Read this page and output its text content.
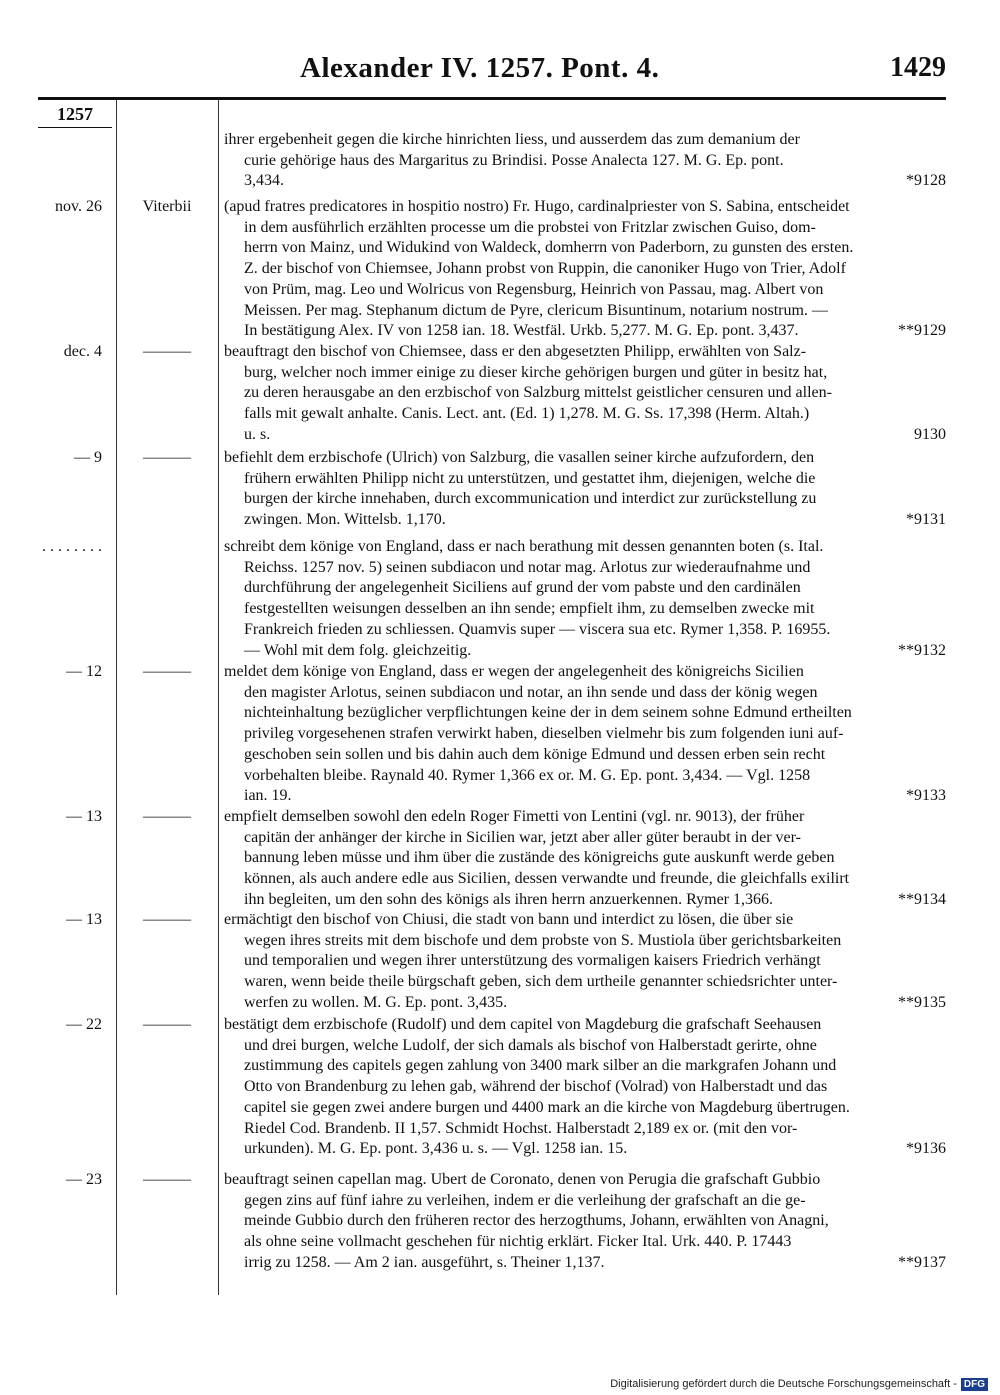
Alexander IV. 1257. Pont. 4.	1429
1257
ihrer ergebenheit gegen die kirche hinrichten liess, und ausserdem das zum demanium der
curie gehörige haus des Margaritus zu Brindisi. Posse Analecta 127. M. G. Ep. pont.
3,434.	*9128
nov. 26	Viterbii	(apud fratres predicatores in hospitio nostro) Fr. Hugo, cardinalpriester von S. Sabina, entscheidet
in dem ausführlich erzählten processe um die probstei von Fritzlar zwischen Guiso, dom-
herrn von Mainz, und Widukind von Waldeck, domherrn von Paderborn, zu gunsten des ersten.
Z. der bischof von Chiemsee, Johann probst von Ruppin, die canoniker Hugo von Trier, Adolf
von Prüm, mag. Leo und Wolricus von Regensburg, Heinrich von Passau, mag. Albert von
Meissen. Per mag. Stephanum dictum de Pyre, clericum Bisuntinum, notarium nostrum. —
In bestätigung Alex. IV von 1258 ian. 18. Westfäl. Urkb. 5,277. M. G. Ep. pont. 3,437.	**9129
dec. 4	———	beauftragt den bischof von Chiemsee, dass er den abgesetzten Philipp, erwählten von Salz-
burg, welcher noch immer einige zu dieser kirche gehörigen burgen und güter in besitz hat,
zu deren herausgabe an den erzbischof von Salzburg mittelst geistlicher censuren und allen-
falls mit gewalt anhalte. Canis. Lect. ant. (Ed. 1) 1,278. M. G. Ss. 17,398 (Herm. Altah.)
u. s.	9130
— 9	———	befiehlt dem erzbischofe (Ulrich) von Salzburg, die vasallen seiner kirche aufzufordern, den
frühern erwählten Philipp nicht zu unterstützen, und gestattet ihm, diejenigen, welche die
burgen der kirche innehaben, durch excommunication und interdict zur zurückstellung zu
zwingen. Mon. Wittelsb. 1,170.	*9131
. . . . . . . .	schreibt dem könige von England, dass er nach berathung mit dessen genannten boten (s. Ital.
Reichss. 1257 nov. 5) seinen subdiacon und notar mag. Arlotus zur wiederaufnahme und
durchführung der angelegenheit Siciliens auf grund der vom pabste und den cardinälen
festgestellten weisungen desselben an ihn sende; empfielt ihm, zu demselben zwecke mit
Frankreich frieden zu schliessen. Quamvis super — viscera sua etc. Rymer 1,358. P. 16955.
— Wohl mit dem folg. gleichzeitig.	**9132
— 12	———	meldet dem könige von England, dass er wegen der angelegenheit des königreichs Sicilien
den magister Arlotus, seinen subdiacon und notar, an ihn sende und dass der könig wegen
nichteinhaltung bezüglicher verpflichtungen keine der in dem seinem sohne Edmund ertheilten
privileg vorgesehenen strafen verwirkt haben, dieselben vielmehr bis zum folgenden iuni auf-
geschoben sein sollen und bis dahin auch dem könige Edmund und dessen erben sein recht
vorbehalten bleibe. Raynald 40. Rymer 1,366 ex or. M. G. Ep. pont. 3,434. — Vgl. 1258
ian. 19.	*9133
— 13	———	empfielt demselben sowohl den edeln Roger Fimetti von Lentini (vgl. nr. 9013), der früher
capitän der anhänger der kirche in Sicilien war, jetzt aber aller güter beraubt in der ver-
bannung leben müsse und ihm über die zustände des königreichs gute auskunft werde geben
können, als auch andere edle aus Sicilien, dessen verwandte und freunde, die gleichfalls exilirt
ihn begleiten, um den sohn des königs als ihren herrn anzuerkennen. Rymer 1,366.	**9134
— 13	———	ermächtigt den bischof von Chiusi, die stadt von bann und interdict zu lösen, die über sie
wegen ihres streits mit dem bischofe und dem probste von S. Mustiola über gerichtsbarkeiten
und temporalien und wegen ihrer unterstützung des vormaligen kaisers Friedrich verhängt
waren, wenn beide theile bürgschaft geben, sich dem urtheile genannter schiedsrichter unter-
werfen zu wollen. M. G. Ep. pont. 3,435.	**9135
— 22	———	bestätigt dem erzbischofe (Rudolf) und dem capitel von Magdeburg die grafschaft Seehausen
und drei burgen, welche Ludolf, der sich damals als bischof von Halberstadt gerirte, ohne
zustimmung des capitels gegen zahlung von 3400 mark silber an die markgrafen Johann und
Otto von Brandenburg zu lehen gab, während der bischof (Volrad) von Halberstadt und das
capitel sie gegen zwei andere burgen und 4400 mark an die kirche von Magdeburg übertrugen.
Riedel Cod. Brandenb. II 1,57. Schmidt Hochst. Halberstadt 2,189 ex or. (mit den vor-
urkunden). M. G. Ep. pont. 3,436 u. s. — Vgl. 1258 ian. 15.	*9136
— 23	———	beauftragt seinen capellan mag. Ubert de Coronato, denen von Perugia die grafschaft Gubbio
gegen zins auf fünf iahre zu verleihen, indem er die verleihung der grafschaft an die ge-
meinde Gubbio durch den früheren rector des herzogthums, Johann, erwählten von Anagni,
als ohne seine vollmacht geschehen für nichtig erklärt. Ficker Ital. Urk. 440. P. 17443
irrig zu 1258. — Am 2 ian. ausgeführt, s. Theiner 1,137.	**9137
Digitalisierung gefördert durch die Deutsche Forschungsgemeinschaft - DFG
